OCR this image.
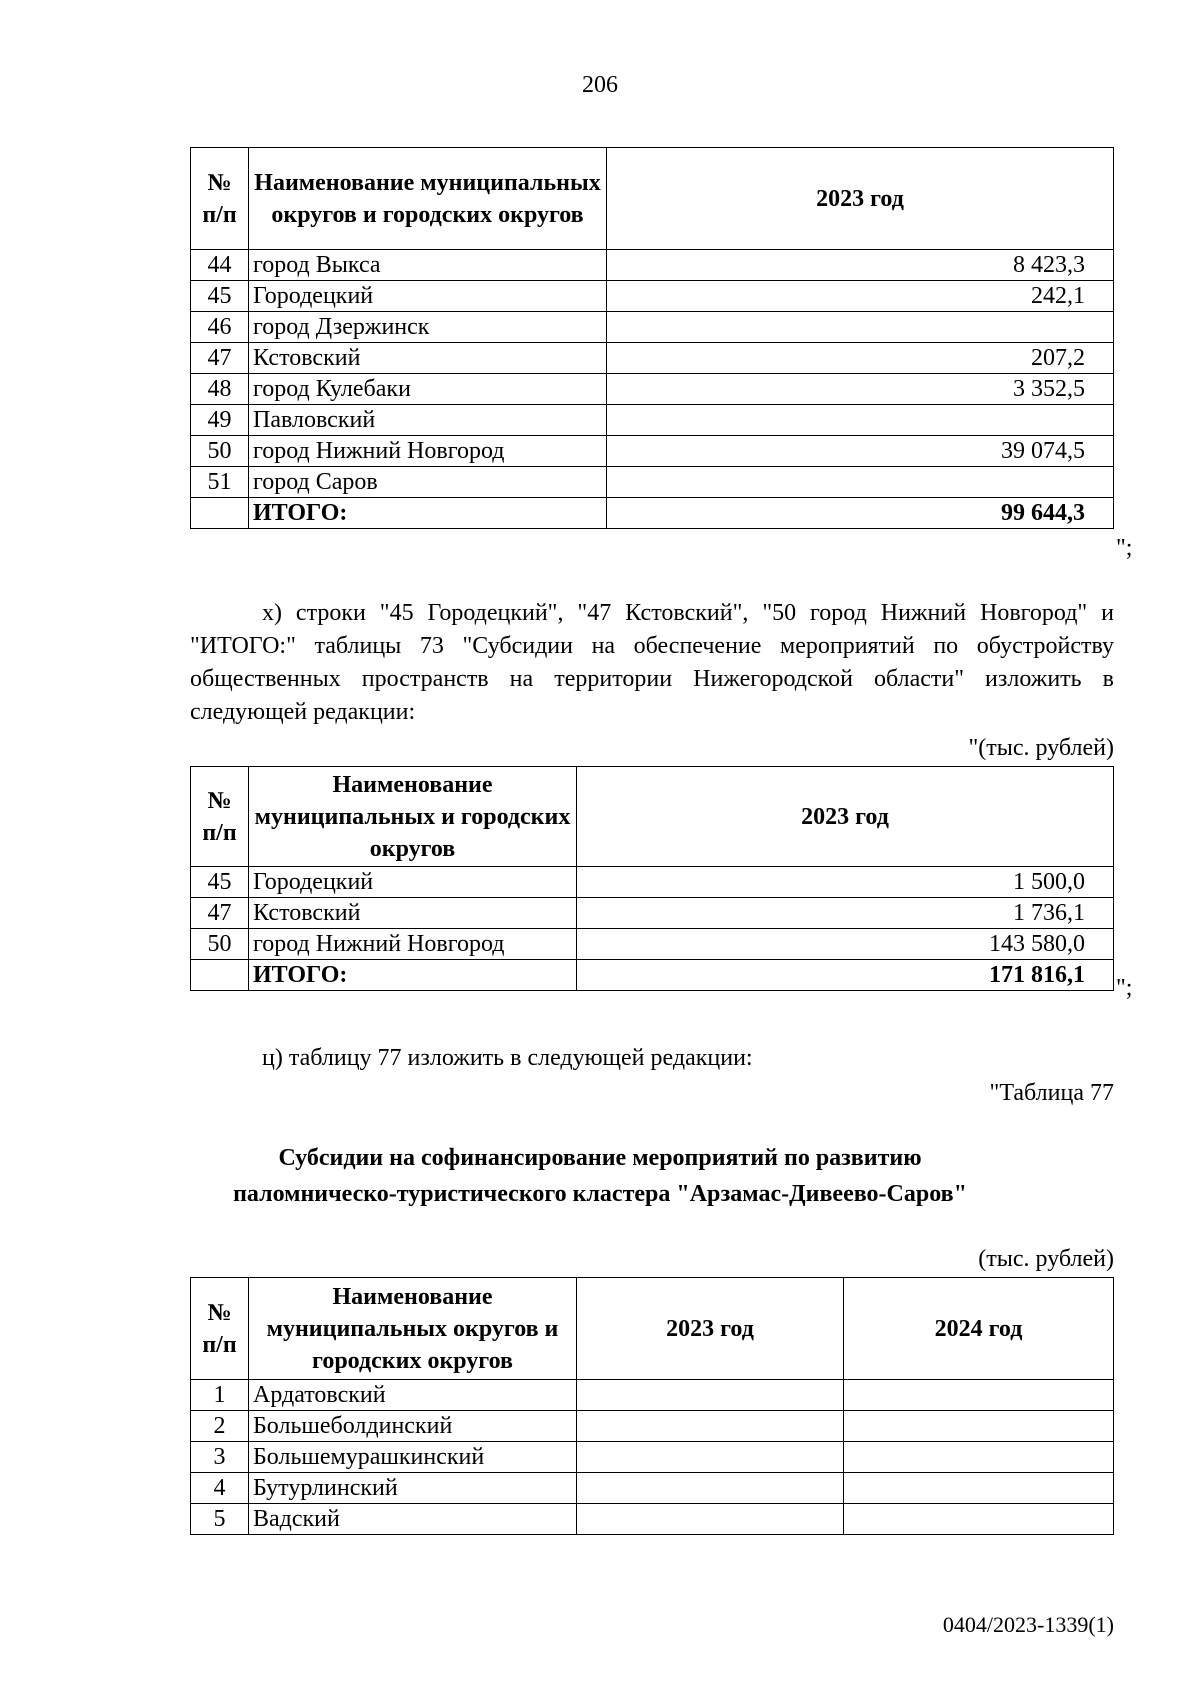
206
№ п/п	Наименование муниципальных округов и городских округов	2023 год
44	город Выкса	8 423,3
45	Городецкий	242,1
46	город Дзержинск	
47	Кстовский	207,2
48	город Кулебаки	3 352,5
49	Павловский	
50	город Нижний Новгород	39 074,5
51	город Саров	
	ИТОГО:	99 644,3
";

х) строки "45 Городецкий", "47 Кстовский", "50 город Нижний Новгород" и "ИТОГО:" таблицы 73 "Субсидии на обеспечение мероприятий по обустройству общественных пространств на территории Нижегородской области" изложить в следующей редакции:

"(тыс. рублей)
№ п/п	Наименование муниципальных и городских округов	2023 год
45	Городецкий	1 500,0
47	Кстовский	1 736,1
50	город Нижний Новгород	143 580,0
	ИТОГО:	171 816,1 ";

ц) таблицу 77 изложить в следующей редакции:

"Таблица 77
Субсидии на софинансирование мероприятий по развитию
паломническо-туристического кластера "Арзамас-Дивеево-Саров"
(тыс. рублей)
№ п/п	Наименование муниципальных округов и городских округов	2023 год	2024 год
1	Ардатовский		
2	Большеболдинский		
3	Большемурашкинский		
4	Бутурлинский		
5	Вадский		
0404/2023-1339(1)
